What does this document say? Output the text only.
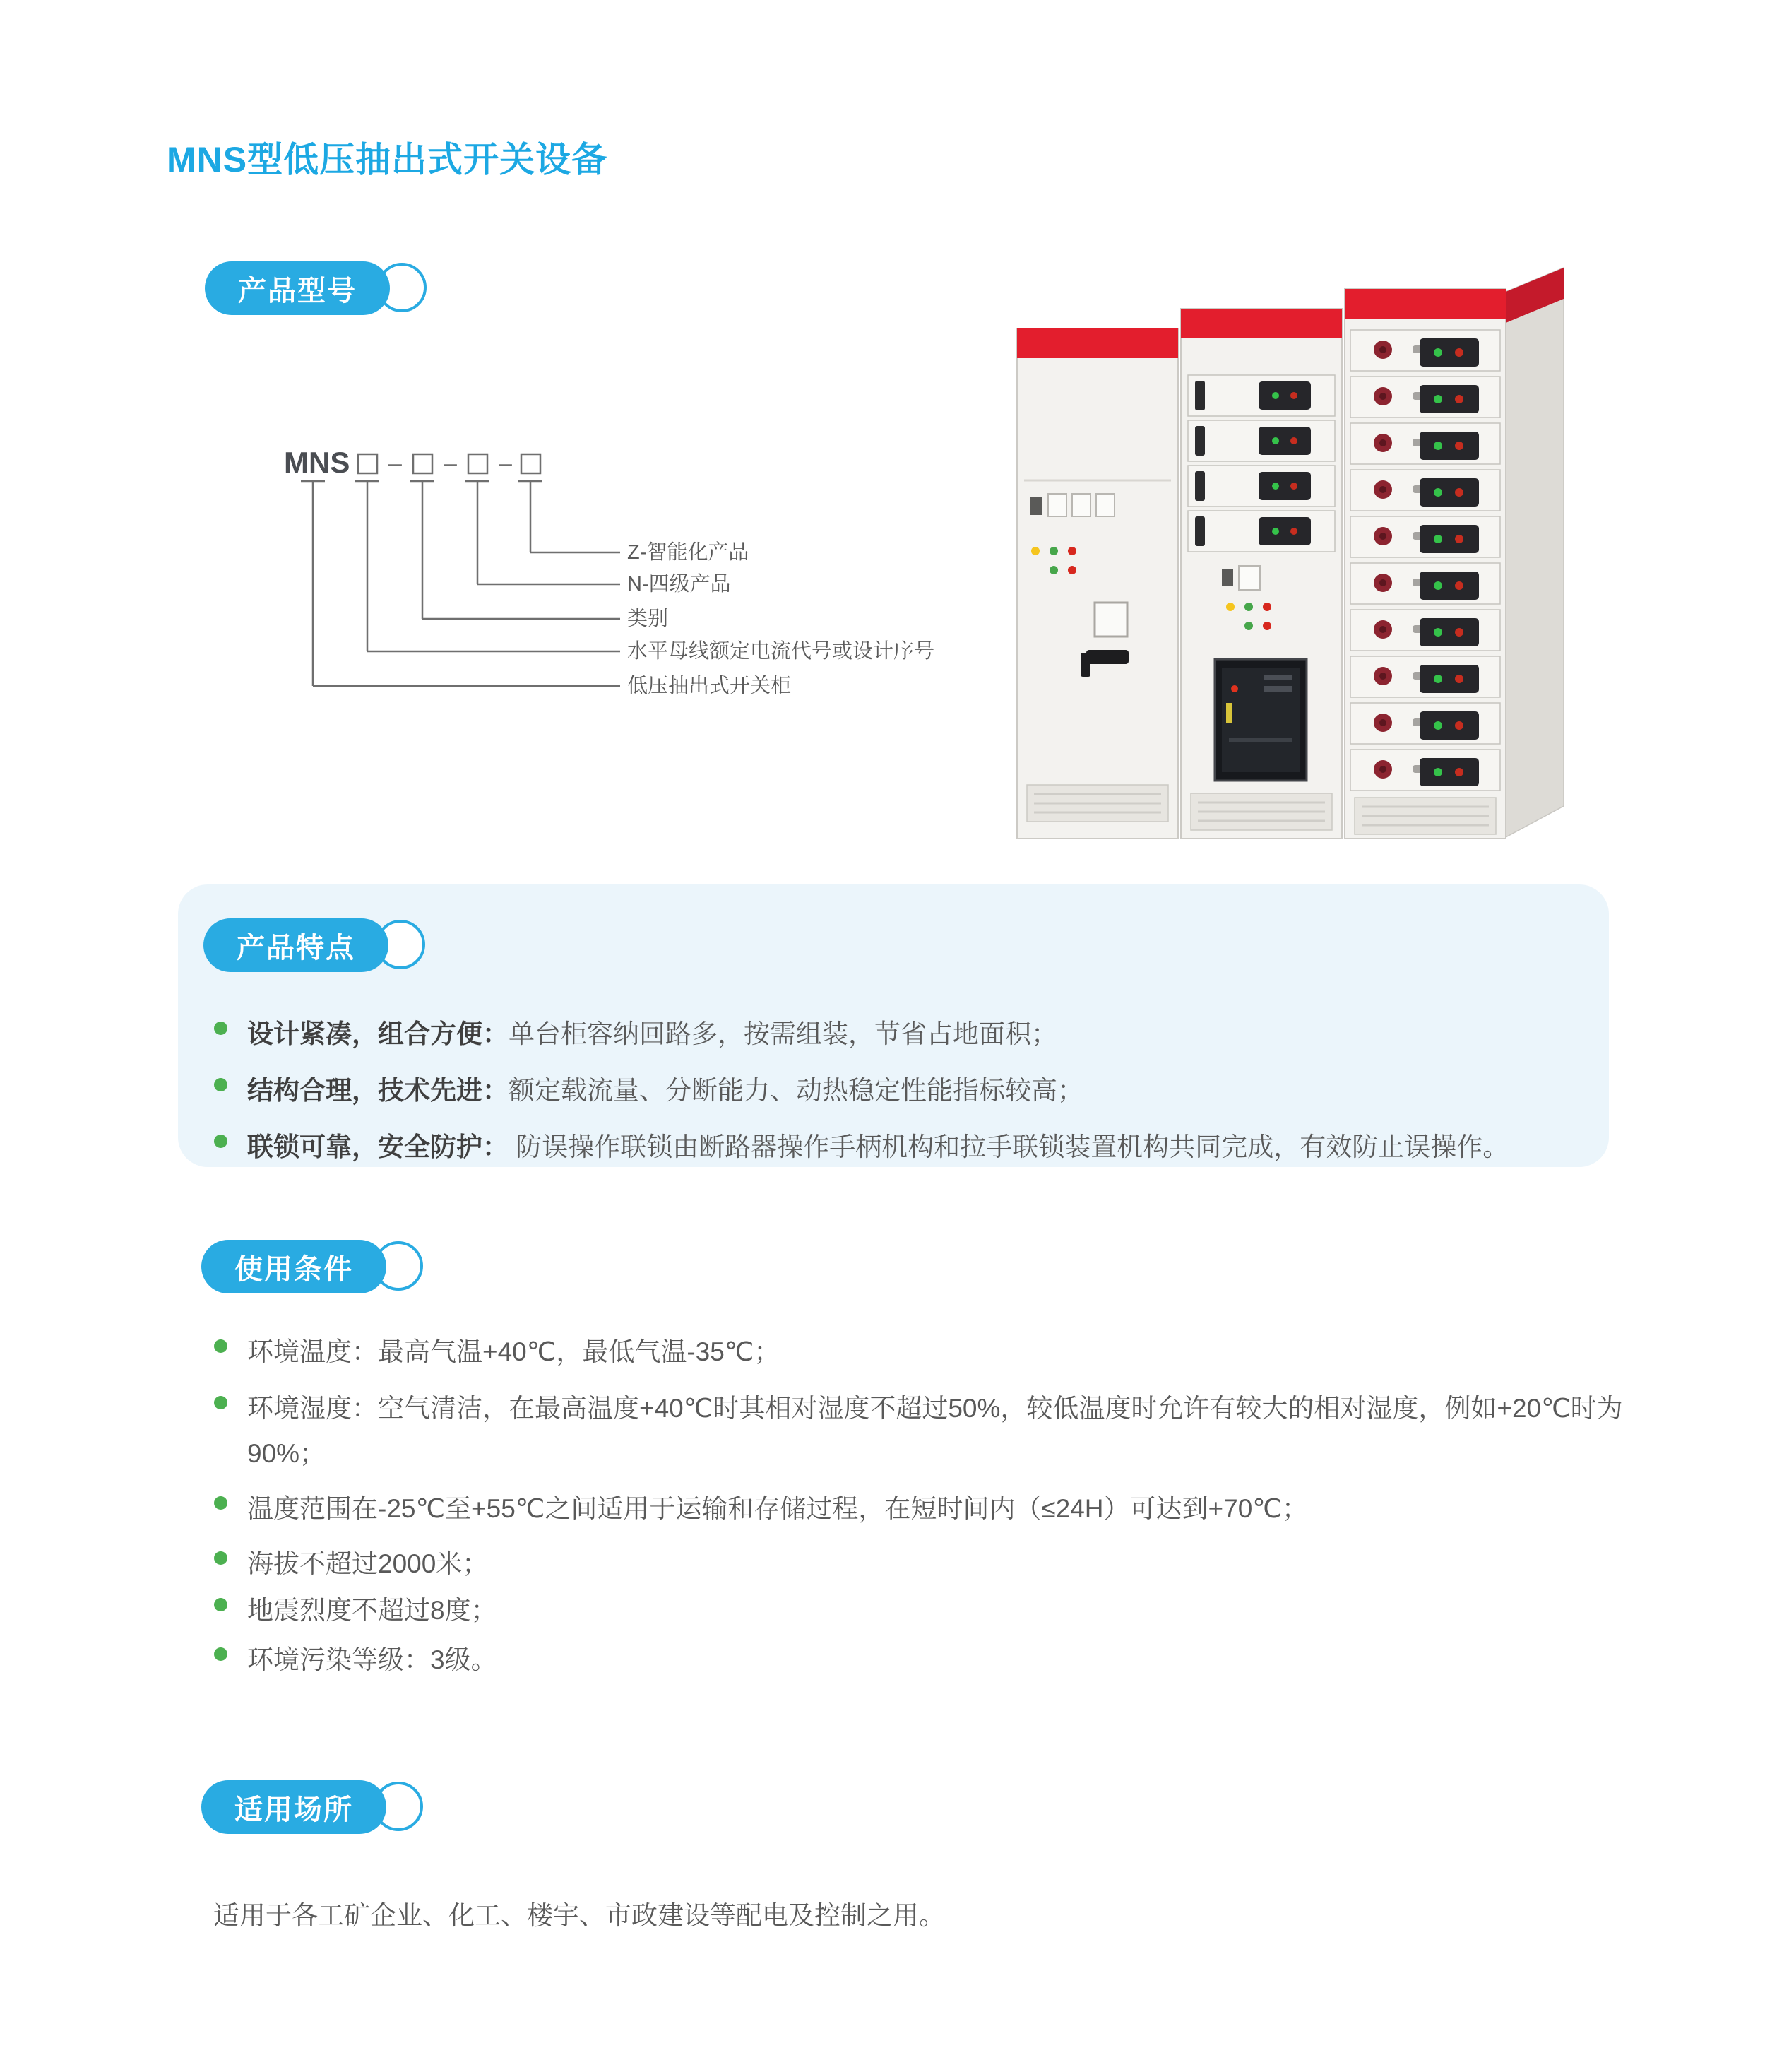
MNS型低压抽出式开关设备
产品型号
MNS – – –
Z-智能化产品
N-四级产品
类别
水平母线额定电流代号或设计序号
低压抽出式开关柜
产品特点
设计紧凑，组合方便：单台柜容纳回路多，按需组装，节省占地面积；
结构合理，技术先进：额定载流量、分断能力、动热稳定性能指标较高；
联锁可靠，安全防护： 防误操作联锁由断路器操作手柄机构和拉手联锁装置机构共同完成，有效防止误操作。
使用条件
环境温度：最高气温+40℃，最低气温-35℃；
环境湿度：空气清洁，在最高温度+40℃时其相对湿度不超过50%，较低温度时允许有较大的相对湿度，例如+20℃时为90%；
温度范围在-25℃至+55℃之间适用于运输和存储过程，在短时间内（≤24H）可达到+70℃；
海拔不超过2000米；
地震烈度不超过8度；
环境污染等级：3级。
适用场所
适用于各工矿企业、化工、楼宇、市政建设等配电及控制之用。
